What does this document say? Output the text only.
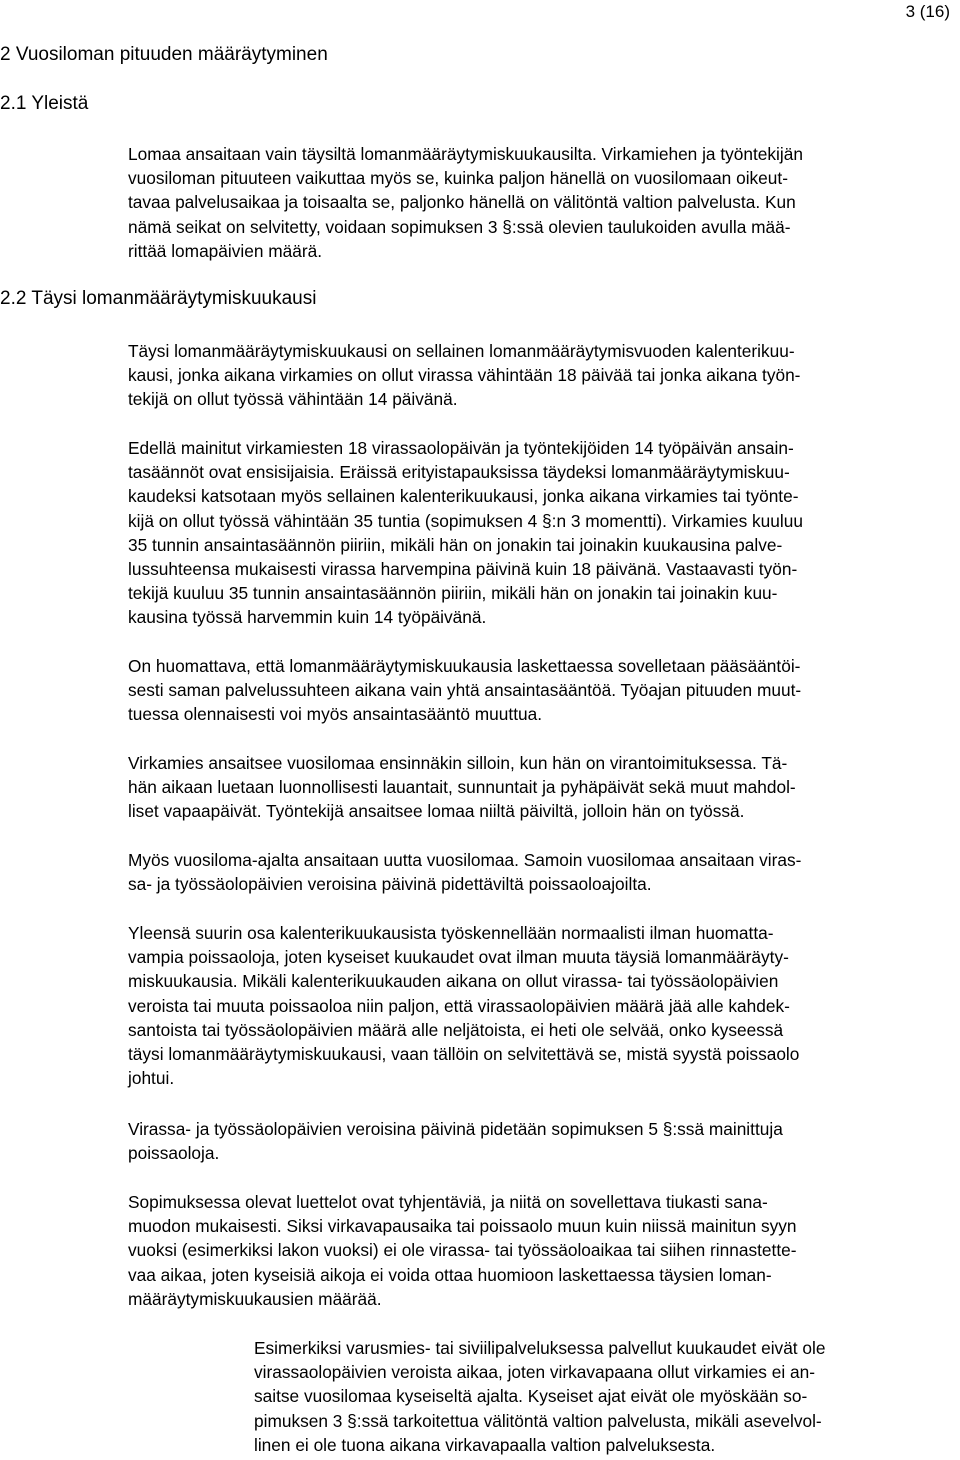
3 (16)
2 Vuosiloman pituuden määräytyminen
2.1 Yleistä
Lomaa ansaitaan vain täysiltä lomanmääräytymiskuukausilta. Virkamiehen ja työntekijän
vuosiloman pituuteen vaikuttaa myös se, kuinka paljon hänellä on vuosilomaan oikeut-
tavaa palvelusaikaa ja toisaalta se, paljonko hänellä on välitöntä valtion palvelusta. Kun
nämä seikat on selvitetty, voidaan sopimuksen 3 §:ssä olevien taulukoiden avulla mää-
rittää lomapäivien määrä.
2.2 Täysi lomanmääräytymiskuukausi
Täysi lomanmääräytymiskuukausi on sellainen lomanmääräytymisvuoden kalenterikuu-
kausi, jonka aikana virkamies on ollut virassa vähintään 18 päivää tai jonka aikana työn-
tekijä on ollut työssä vähintään 14 päivänä.
Edellä mainitut virkamiesten 18 virassaolopäivän ja työntekijöiden 14 työpäivän ansain-
tasäännöt ovat ensisijaisia. Eräissä erityistapauksissa täydeksi lomanmääräytymiskuu-
kaudeksi katsotaan myös sellainen kalenterikuukausi, jonka aikana virkamies tai työnte-
kijä on ollut työssä vähintään 35 tuntia (sopimuksen 4 §:n 3 momentti). Virkamies kuuluu
35 tunnin ansaintasäännön piiriin, mikäli hän on jonakin tai joinakin kuukausina palve-
lussuhteensa mukaisesti virassa harvempina päivinä kuin 18 päivänä. Vastaavasti työn-
tekijä kuuluu 35 tunnin ansaintasäännön piiriin, mikäli hän on jonakin tai joinakin kuu-
kausina työssä harvemmin kuin 14 työpäivänä.
On huomattava, että lomanmääräytymiskuukausia laskettaessa sovelletaan pääsääntöi-
sesti saman palvelussuhteen aikana vain yhtä ansaintasääntöä. Työajan pituuden muut-
tuessa olennaisesti voi myös ansaintasääntö muuttua.
Virkamies ansaitsee vuosilomaa ensinnäkin silloin, kun hän on virantoimituksessa. Tä-
hän aikaan luetaan luonnollisesti lauantait, sunnuntait ja pyhäpäivät sekä muut mahdol-
liset vapaapäivät. Työntekijä ansaitsee lomaa niiltä päiviltä, jolloin hän on työssä.
Myös vuosiloma-ajalta ansaitaan uutta vuosilomaa. Samoin vuosilomaa ansaitaan viras-
sa- ja työssäolopäivien veroisina päivinä pidettäviltä poissaoloajoilta.
Yleensä suurin osa kalenterikuukausista työskennellään normaalisti ilman huomatta-
vampia poissaoloja, joten kyseiset kuukaudet ovat ilman muuta täysiä lomanmääräyty-
miskuukausia. Mikäli kalenterikuukauden aikana on ollut virassa- tai työssäolopäivien
veroista tai muuta poissaoloa niin paljon, että virassaolopäivien määrä jää alle kahdek-
santoista tai työssäolopäivien määrä alle neljätoista, ei heti ole selvää, onko kyseessä
täysi lomanmääräytymiskuukausi, vaan tällöin on selvitettävä se, mistä syystä poissaolo
johtui.
Virassa- ja työssäolopäivien veroisina päivinä pidetään sopimuksen 5 §:ssä mainittuja
poissaoloja.
Sopimuksessa olevat luettelot ovat tyhjentäviä, ja niitä on sovellettava tiukasti sana-
muodon mukaisesti. Siksi virkavapausaika tai poissaolo muun kuin niissä mainitun syyn
vuoksi (esimerkiksi lakon vuoksi) ei ole virassa- tai työssäoloaikaa tai siihen rinnastette-
vaa aikaa, joten kyseisiä aikoja ei voida ottaa huomioon laskettaessa täysien loman-
määräytymiskuukausien määrää.
Esimerkiksi varusmies- tai siviilipalveluksessa palvellut kuukaudet eivät ole
virassaolopäivien veroista aikaa, joten virkavapaana ollut virkamies ei an-
saitse vuosilomaa kyseiseltä ajalta. Kyseiset ajat eivät ole myöskään so-
pimuksen 3 §:ssä tarkoitettua välitöntä valtion palvelusta, mikäli asevelvol-
linen ei ole tuona aikana virkavapaalla valtion palveluksesta.
